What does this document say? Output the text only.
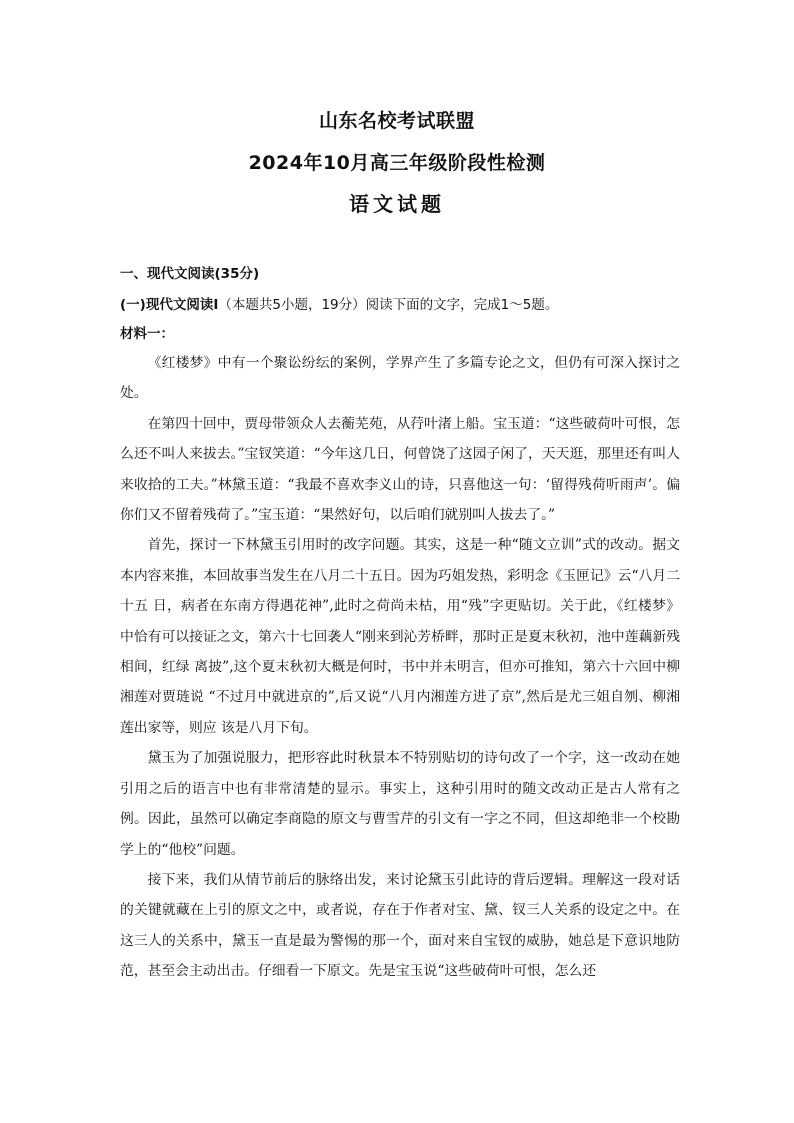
山东名校考试联盟
2024年10月高三年级阶段性检测
语文试题
一、现代文阅读(35分)
(一)现代文阅读Ⅰ（本题共5小题，19分）阅读下面的文字，完成1～5题。
材料一：

《红楼梦》中有一个聚讼纷纭的案例，学界产生了多篇专论之文，但仍有可深入探讨之处。

在第四十回中，贾母带领众人去蘅芜苑，从荇叶渚上船。宝玉道：“这些破荷叶可恨，怎么还不叫人来拔去。”宝钗笑道：“今年这几日，何曾饶了这园子闲了，天天逛，那里还有叫人来收拾的工夫。”林黛玉道：“我最不喜欢李义山的诗，只喜他这一句：‘留得残荷听雨声’。偏你们又不留着残荷了。”宝玉道：“果然好句，以后咱们就别叫人拔去了。”

首先，探讨一下林黛玉引用时的改字问题。其实，这是一种“随文立训”式的改动。据文本内容来推，本回故事当发生在八月二十五日。因为巧姐发热，彩明念《玉匣记》云“八月二十五 日，病者在东南方得遇花神”,此时之荷尚未枯，用“残”字更贴切。关于此，《红楼梦》中恰有可以接证之文，第六十七回袭人“刚来到沁芳桥畔，那时正是夏末秋初，池中莲藕新残相间，红绿 离披”,这个夏末秋初大概是何时，书中并未明言，但亦可推知，第六十六回中柳湘莲对贾琏说 “不过月中就进京的”,后又说“八月内湘莲方进了京”,然后是尤三姐自刎、柳湘莲出家等，则应 该是八月下旬。

黛玉为了加强说服力，把形容此时秋景本不特别贴切的诗句改了一个字，这一改动在她引用之后的语言中也有非常清楚的显示。事实上，这种引用时的随文改动正是古人常有之例。因此，虽然可以确定李商隐的原文与曹雪芹的引文有一字之不同，但这却绝非一个校勘学上的“他校”问题。

接下来，我们从情节前后的脉络出发，来讨论黛玉引此诗的背后逻辑。理解这一段对话的关键就藏在上引的原文之中，或者说，存在于作者对宝、黛、钗三人关系的设定之中。在这三人的关系中，黛玉一直是最为警惕的那一个，面对来自宝钗的威胁，她总是下意识地防范，甚至会主动出击。仔细看一下原文。先是宝玉说“这些破荷叶可恨，怎么还
